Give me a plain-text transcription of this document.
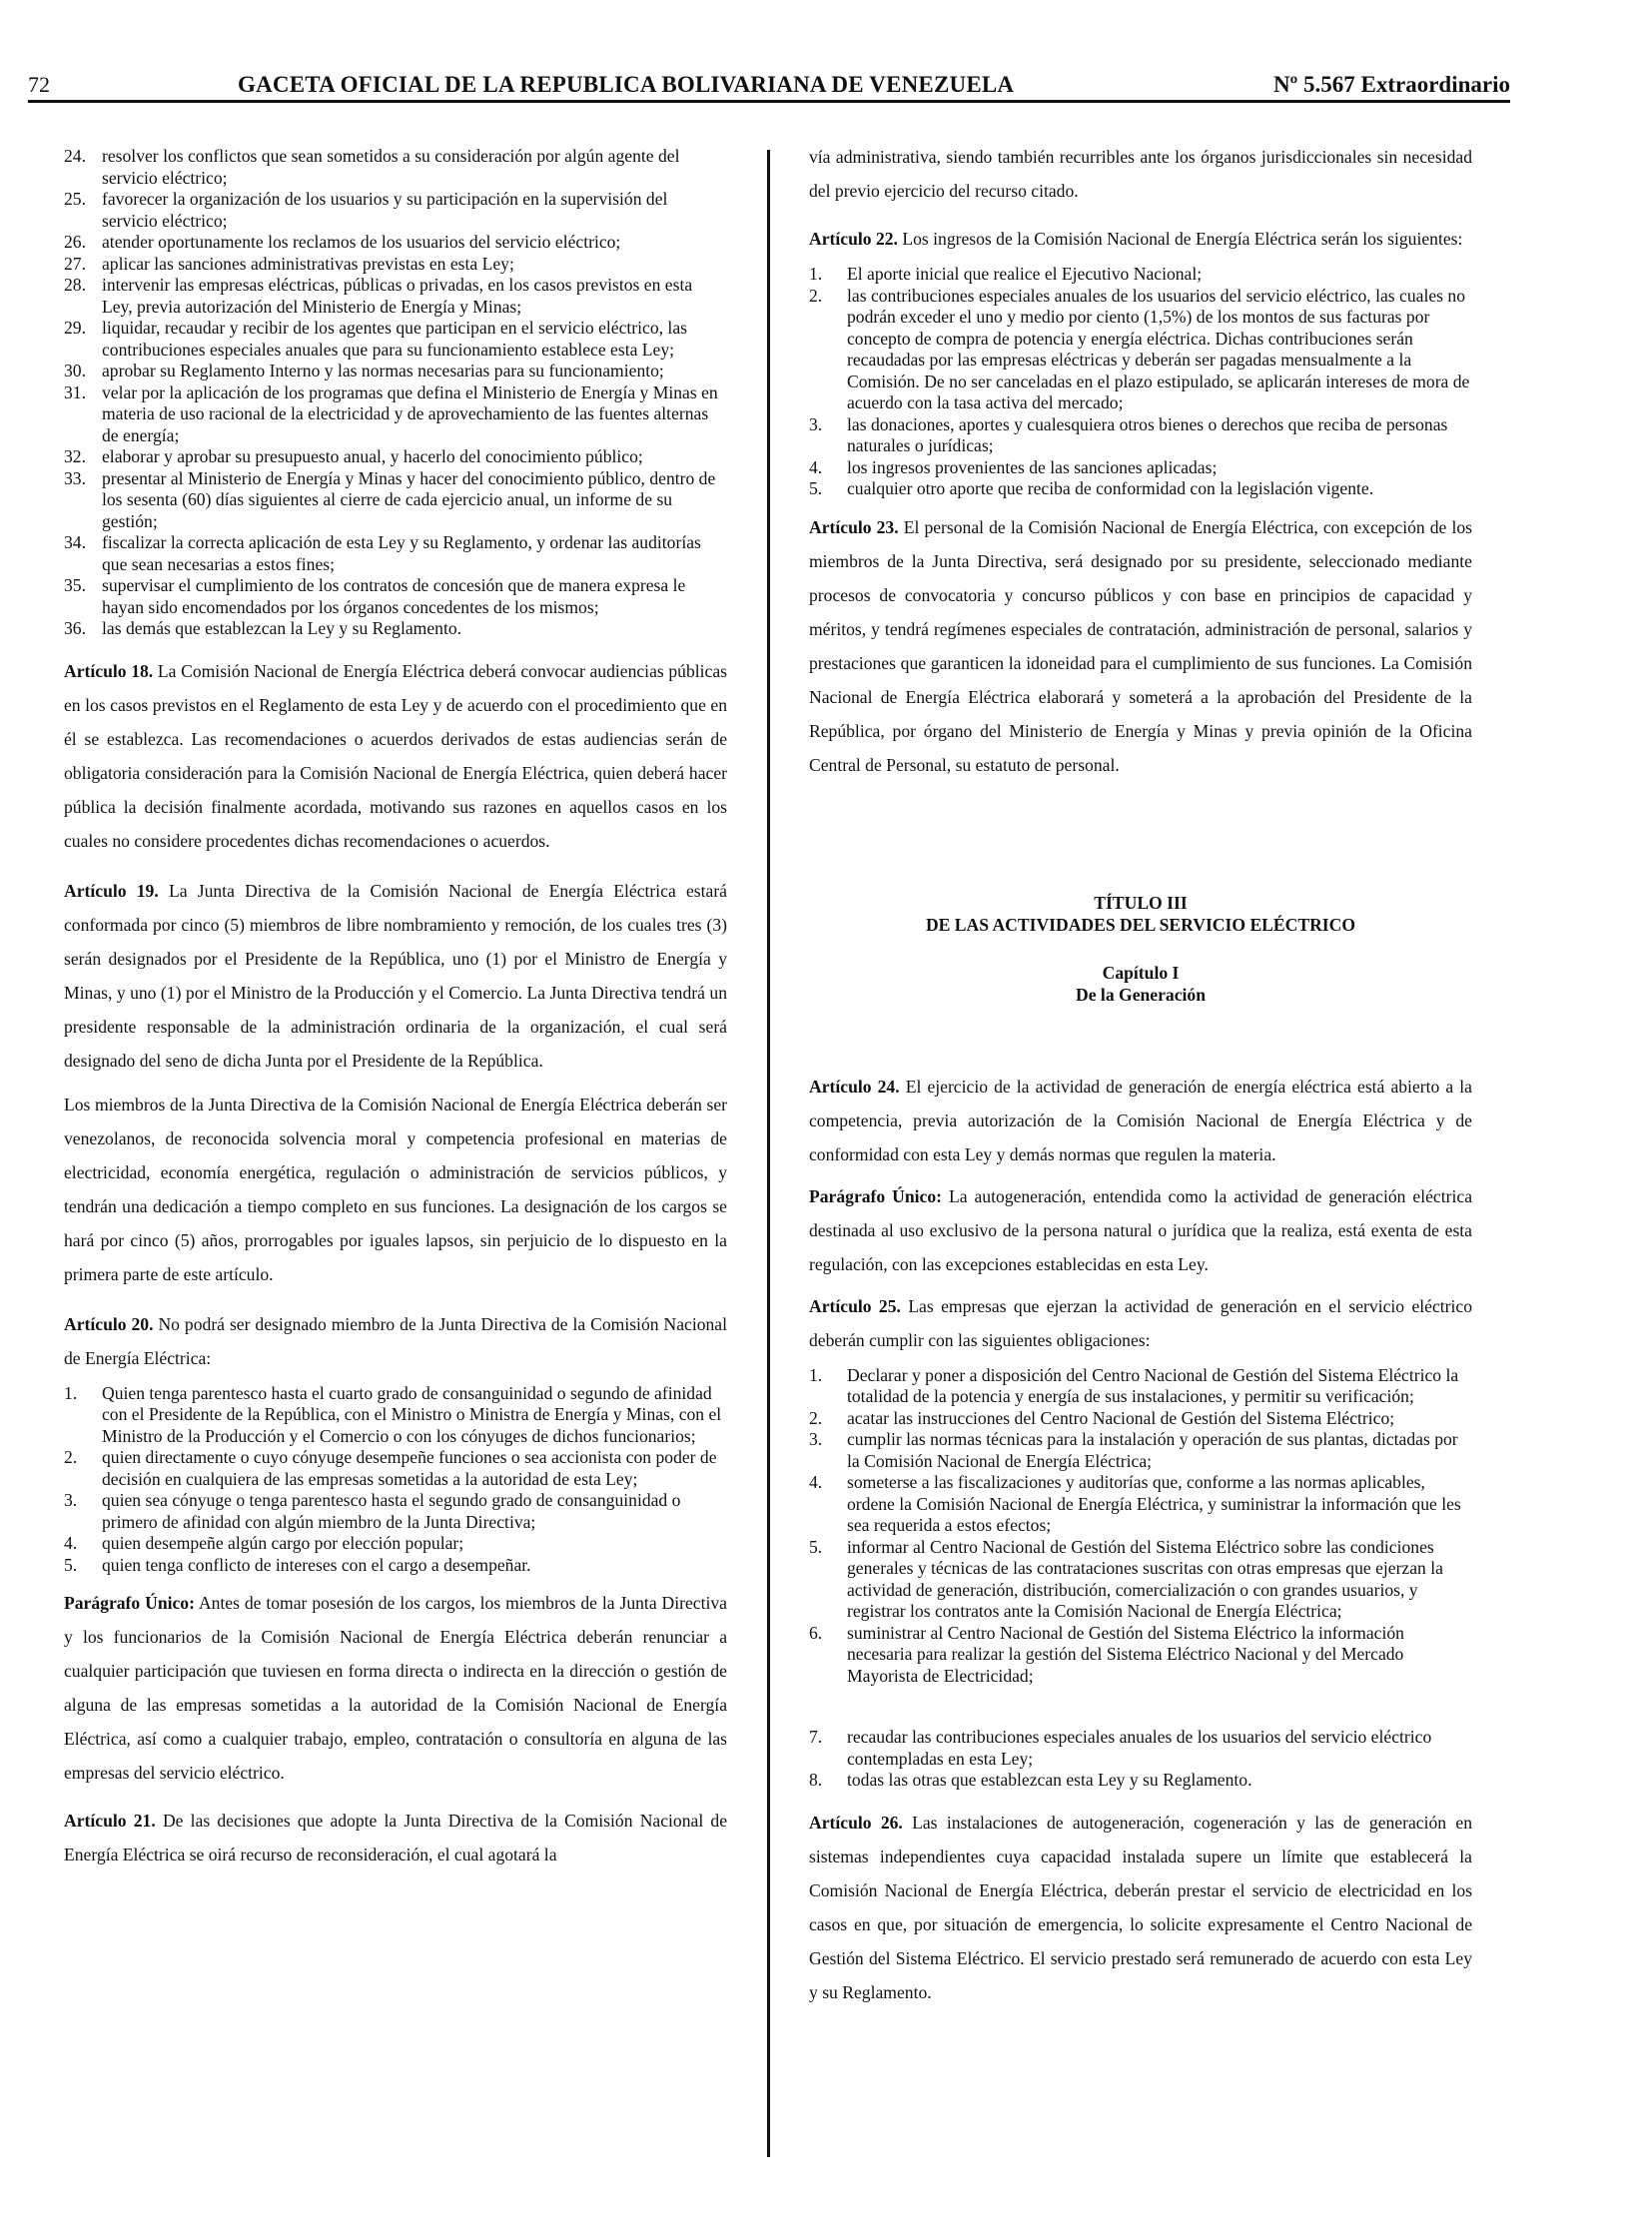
72	GACETA OFICIAL DE LA REPUBLICA BOLIVARIANA DE VENEZUELA	Nº 5.567 Extraordinario
24. resolver los conflictos que sean sometidos a su consideración por algún agente del servicio eléctrico;
25. favorecer la organización de los usuarios y su participación en la supervisión del servicio eléctrico;
26. atender oportunamente los reclamos de los usuarios del servicio eléctrico;
27. aplicar las sanciones administrativas previstas en esta Ley;
28. intervenir las empresas eléctricas, públicas o privadas, en los casos previstos en esta Ley, previa autorización del Ministerio de Energía y Minas;
29. liquidar, recaudar y recibir de los agentes que participan en el servicio eléctrico, las contribuciones especiales anuales que para su funcionamiento establece esta Ley;
30. aprobar su Reglamento Interno y las normas necesarias para su funcionamiento;
31. velar por la aplicación de los programas que defina el Ministerio de Energía y Minas en materia de uso racional de la electricidad y de aprovechamiento de las fuentes alternas de energía;
32. elaborar y aprobar su presupuesto anual, y hacerlo del conocimiento público;
33. presentar al Ministerio de Energía y Minas y hacer del conocimiento público, dentro de los sesenta (60) días siguientes al cierre de cada ejercicio anual, un informe de su gestión;
34. fiscalizar la correcta aplicación de esta Ley y su Reglamento, y ordenar las auditorías que sean necesarias a estos fines;
35. supervisar el cumplimiento de los contratos de concesión que de manera expresa le hayan sido encomendados por los órganos concedentes de los mismos;
36. las demás que establezcan la Ley y su Reglamento.

Artículo 18. La Comisión Nacional de Energía Eléctrica deberá convocar audiencias públicas en los casos previstos en el Reglamento de esta Ley y de acuerdo con el procedimiento que en él se establezca. Las recomendaciones o acuerdos derivados de estas audiencias serán de obligatoria consideración para la Comisión Nacional de Energía Eléctrica, quien deberá hacer pública la decisión finalmente acordada, motivando sus razones en aquellos casos en los cuales no considere procedentes dichas recomendaciones o acuerdos.

Artículo 19. La Junta Directiva de la Comisión Nacional de Energía Eléctrica estará conformada por cinco (5) miembros de libre nombramiento y remoción, de los cuales tres (3) serán designados por el Presidente de la República, uno (1) por el Ministro de Energía y Minas, y uno (1) por el Ministro de la Producción y el Comercio. La Junta Directiva tendrá un presidente responsable de la administración ordinaria de la organización, el cual será designado del seno de dicha Junta por el Presidente de la República.

Los miembros de la Junta Directiva de la Comisión Nacional de Energía Eléctrica deberán ser venezolanos, de reconocida solvencia moral y competencia profesional en materias de electricidad, economía energética, regulación o administración de servicios públicos, y tendrán una dedicación a tiempo completo en sus funciones. La designación de los cargos se hará por cinco (5) años, prorrogables por iguales lapsos, sin perjuicio de lo dispuesto en la primera parte de este artículo.

Artículo 20. No podrá ser designado miembro de la Junta Directiva de la Comisión Nacional de Energía Eléctrica:

1. Quien tenga parentesco hasta el cuarto grado de consanguinidad o segundo de afinidad con el Presidente de la República, con el Ministro o Ministra de Energía y Minas, con el Ministro de la Producción y el Comercio o con los cónyuges de dichos funcionarios;
2. quien directamente o cuyo cónyuge desempeñe funciones o sea accionista con poder de decisión en cualquiera de las empresas sometidas a la autoridad de esta Ley;
3. quien sea cónyuge o tenga parentesco hasta el segundo grado de consanguinidad o primero de afinidad con algún miembro de la Junta Directiva;
4. quien desempeñe algún cargo por elección popular;
5. quien tenga conflicto de intereses con el cargo a desempeñar.

Parágrafo Único: Antes de tomar posesión de los cargos, los miembros de la Junta Directiva y los funcionarios de la Comisión Nacional de Energía Eléctrica deberán renunciar a cualquier participación que tuviesen en forma directa o indirecta en la dirección o gestión de alguna de las empresas sometidas a la autoridad de la Comisión Nacional de Energía Eléctrica, así como a cualquier trabajo, empleo, contratación o consultoría en alguna de las empresas del servicio eléctrico.

Artículo 21. De las decisiones que adopte la Junta Directiva de la Comisión Nacional de Energía Eléctrica se oirá recurso de reconsideración, el cual agotará la

vía administrativa, siendo también recurribles ante los órganos jurisdiccionales sin necesidad del previo ejercicio del recurso citado.

Artículo 22. Los ingresos de la Comisión Nacional de Energía Eléctrica serán los siguientes:

1. El aporte inicial que realice el Ejecutivo Nacional;
2. las contribuciones especiales anuales de los usuarios del servicio eléctrico, las cuales no podrán exceder el uno y medio por ciento (1,5%) de los montos de sus facturas por concepto de compra de potencia y energía eléctrica. Dichas contribuciones serán recaudadas por las empresas eléctricas y deberán ser pagadas mensualmente a la Comisión. De no ser canceladas en el plazo estipulado, se aplicarán intereses de mora de acuerdo con la tasa activa del mercado;
3. las donaciones, aportes y cualesquiera otros bienes o derechos que reciba de personas naturales o jurídicas;
4. los ingresos provenientes de las sanciones aplicadas;
5. cualquier otro aporte que reciba de conformidad con la legislación vigente.

Artículo 23. El personal de la Comisión Nacional de Energía Eléctrica, con excepción de los miembros de la Junta Directiva, será designado por su presidente, seleccionado mediante procesos de convocatoria y concurso públicos y con base en principios de capacidad y méritos, y tendrá regímenes especiales de contratación, administración de personal, salarios y prestaciones que garanticen la idoneidad para el cumplimiento de sus funciones. La Comisión Nacional de Energía Eléctrica elaborará y someterá a la aprobación del Presidente de la República, por órgano del Ministerio de Energía y Minas y previa opinión de la Oficina Central de Personal, su estatuto de personal.

TÍTULO III
DE LAS ACTIVIDADES DEL SERVICIO ELÉCTRICO
Capítulo I
De la Generación

Artículo 24. El ejercicio de la actividad de generación de energía eléctrica está abierto a la competencia, previa autorización de la Comisión Nacional de Energía Eléctrica y de conformidad con esta Ley y demás normas que regulen la materia.

Parágrafo Único: La autogeneración, entendida como la actividad de generación eléctrica destinada al uso exclusivo de la persona natural o jurídica que la realiza, está exenta de esta regulación, con las excepciones establecidas en esta Ley.

Artículo 25. Las empresas que ejerzan la actividad de generación en el servicio eléctrico deberán cumplir con las siguientes obligaciones:

1. Declarar y poner a disposición del Centro Nacional de Gestión del Sistema Eléctrico la totalidad de la potencia y energía de sus instalaciones, y permitir su verificación;
2. acatar las instrucciones del Centro Nacional de Gestión del Sistema Eléctrico;
3. cumplir las normas técnicas para la instalación y operación de sus plantas, dictadas por la Comisión Nacional de Energía Eléctrica;
4. someterse a las fiscalizaciones y auditorías que, conforme a las normas aplicables, ordene la Comisión Nacional de Energía Eléctrica, y suministrar la información que les sea requerida a estos efectos;
5. informar al Centro Nacional de Gestión del Sistema Eléctrico sobre las condiciones generales y técnicas de las contrataciones suscritas con otras empresas que ejerzan la actividad de generación, distribución, comercialización o con grandes usuarios, y registrar los contratos ante la Comisión Nacional de Energía Eléctrica;
6. suministrar al Centro Nacional de Gestión del Sistema Eléctrico la información necesaria para realizar la gestión del Sistema Eléctrico Nacional y del Mercado Mayorista de Electricidad;
7. recaudar las contribuciones especiales anuales de los usuarios del servicio eléctrico contempladas en esta Ley;
8. todas las otras que establezcan esta Ley y su Reglamento.

Artículo 26. Las instalaciones de autogeneración, cogeneración y las de generación en sistemas independientes cuya capacidad instalada supere un límite que establecerá la Comisión Nacional de Energía Eléctrica, deberán prestar el servicio de electricidad en los casos en que, por situación de emergencia, lo solicite expresamente el Centro Nacional de Gestión del Sistema Eléctrico. El servicio prestado será remunerado de acuerdo con esta Ley y su Reglamento.
